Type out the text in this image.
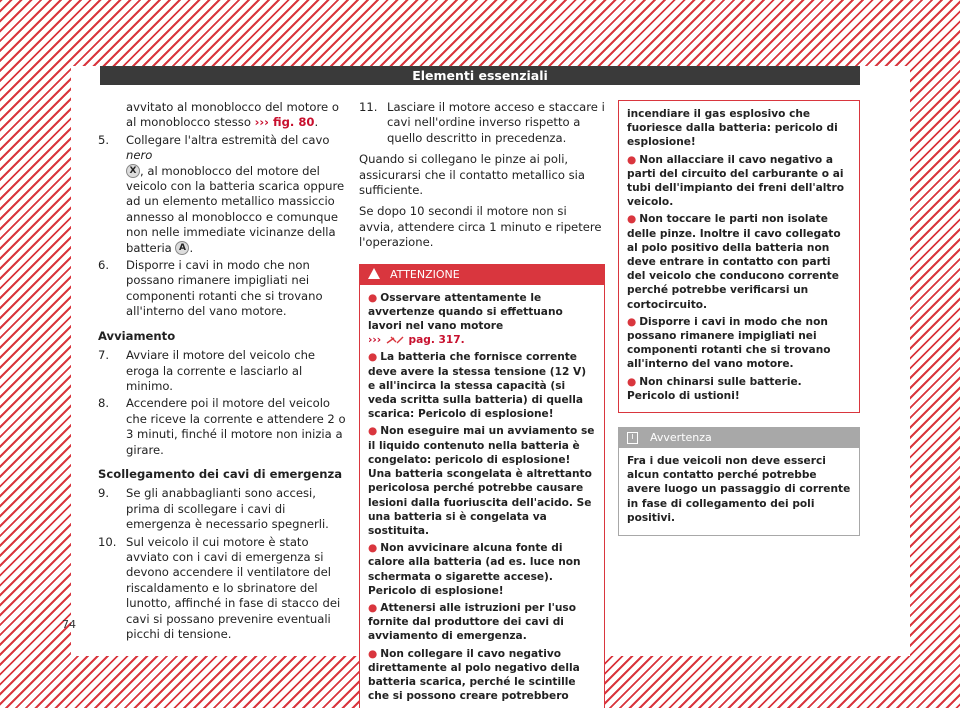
Elementi essenziali
avvitato al monoblocco del motore o al monoblocco stesso ››› fig. 80.
5.	Collegare l'altra estremità del cavo nero
X , al monoblocco del motore del veicolo con la batteria scarica oppure ad un elemento metallico massiccio annesso al monoblocco e comunque non nelle immediate vicinanze della batteria A .
6.	Disporre i cavi in modo che non possano rimanere impigliati nei componenti rotanti che si trovano all'interno del vano motore.
Avviamento
7.	Avviare il motore del veicolo che eroga la corrente e lasciarlo al minimo.
8.	Accendere poi il motore del veicolo che riceve la corrente e attendere 2 o 3 minuti, finché il motore non inizia a girare.
Scollegamento dei cavi di emergenza
9.	Se gli anabbaglianti sono accesi, prima di scollegare i cavi di emergenza è necessario spegnerli.
10. Sul veicolo il cui motore è stato avviato con i cavi di emergenza si devono accendere il ventilatore del riscaldamento e lo sbrinatore del lunotto, affinché in fase di stacco dei cavi si possano prevenire eventuali picchi di tensione.
11. Lasciare il motore acceso e staccare i cavi nell'ordine inverso rispetto a quello descritto in precedenza.
Quando si collegano le pinze ai poli, assicurarsi che il contatto metallico sia sufficiente.
Se dopo 10 secondi il motore non si avvia, attendere circa 1 minuto e ripetere l'operazione.
ATTENZIONE
● Osservare attentamente le avvertenze quando si effettuano lavori nel vano motore
›››	pag. 317.
● La batteria che fornisce corrente deve avere la stessa tensione (12 V) e all'incirca la stessa capacità (si veda scritta sulla batteria) di quella scarica: Pericolo di esplosione!
● Non eseguire mai un avviamento se il liquido contenuto nella batteria è congelato: pericolo di esplosione! Una batteria scongelata è altrettanto pericolosa perché potrebbe causare lesioni dalla fuoriuscita dell'acido. Se una batteria si è congelata va sostituita.
● Non avvicinare alcuna fonte di calore alla batteria (ad es. luce non schermata o sigarette accese). Pericolo di esplosione!
● Attenersi alle istruzioni per l'uso fornite dal produttore dei cavi di avviamento di emergenza.
● Non collegare il cavo negativo direttamente al polo negativo della batteria scarica, perché le scintille che si possono creare potrebbero
incendiare il gas esplosivo che fuoriesce dalla batteria: pericolo di esplosione!
● Non allacciare il cavo negativo a parti del circuito del carburante o ai tubi dell'impianto dei freni dell'altro veicolo.
● Non toccare le parti non isolate delle pinze. Inoltre il cavo collegato al polo positivo della batteria non deve entrare in contatto con parti del veicolo che conducono corrente perché potrebbe verificarsi un cortocircuito.
● Disporre i cavi in modo che non possano rimanere impigliati nei componenti rotanti che si trovano all'interno del vano motore.
● Non chinarsi sulle batterie. Pericolo di ustioni!
i Avvertenza
Fra i due veicoli non deve esserci alcun contatto perché potrebbe avere luogo un passaggio di corrente in fase di collegamento dei poli positivi.
74
